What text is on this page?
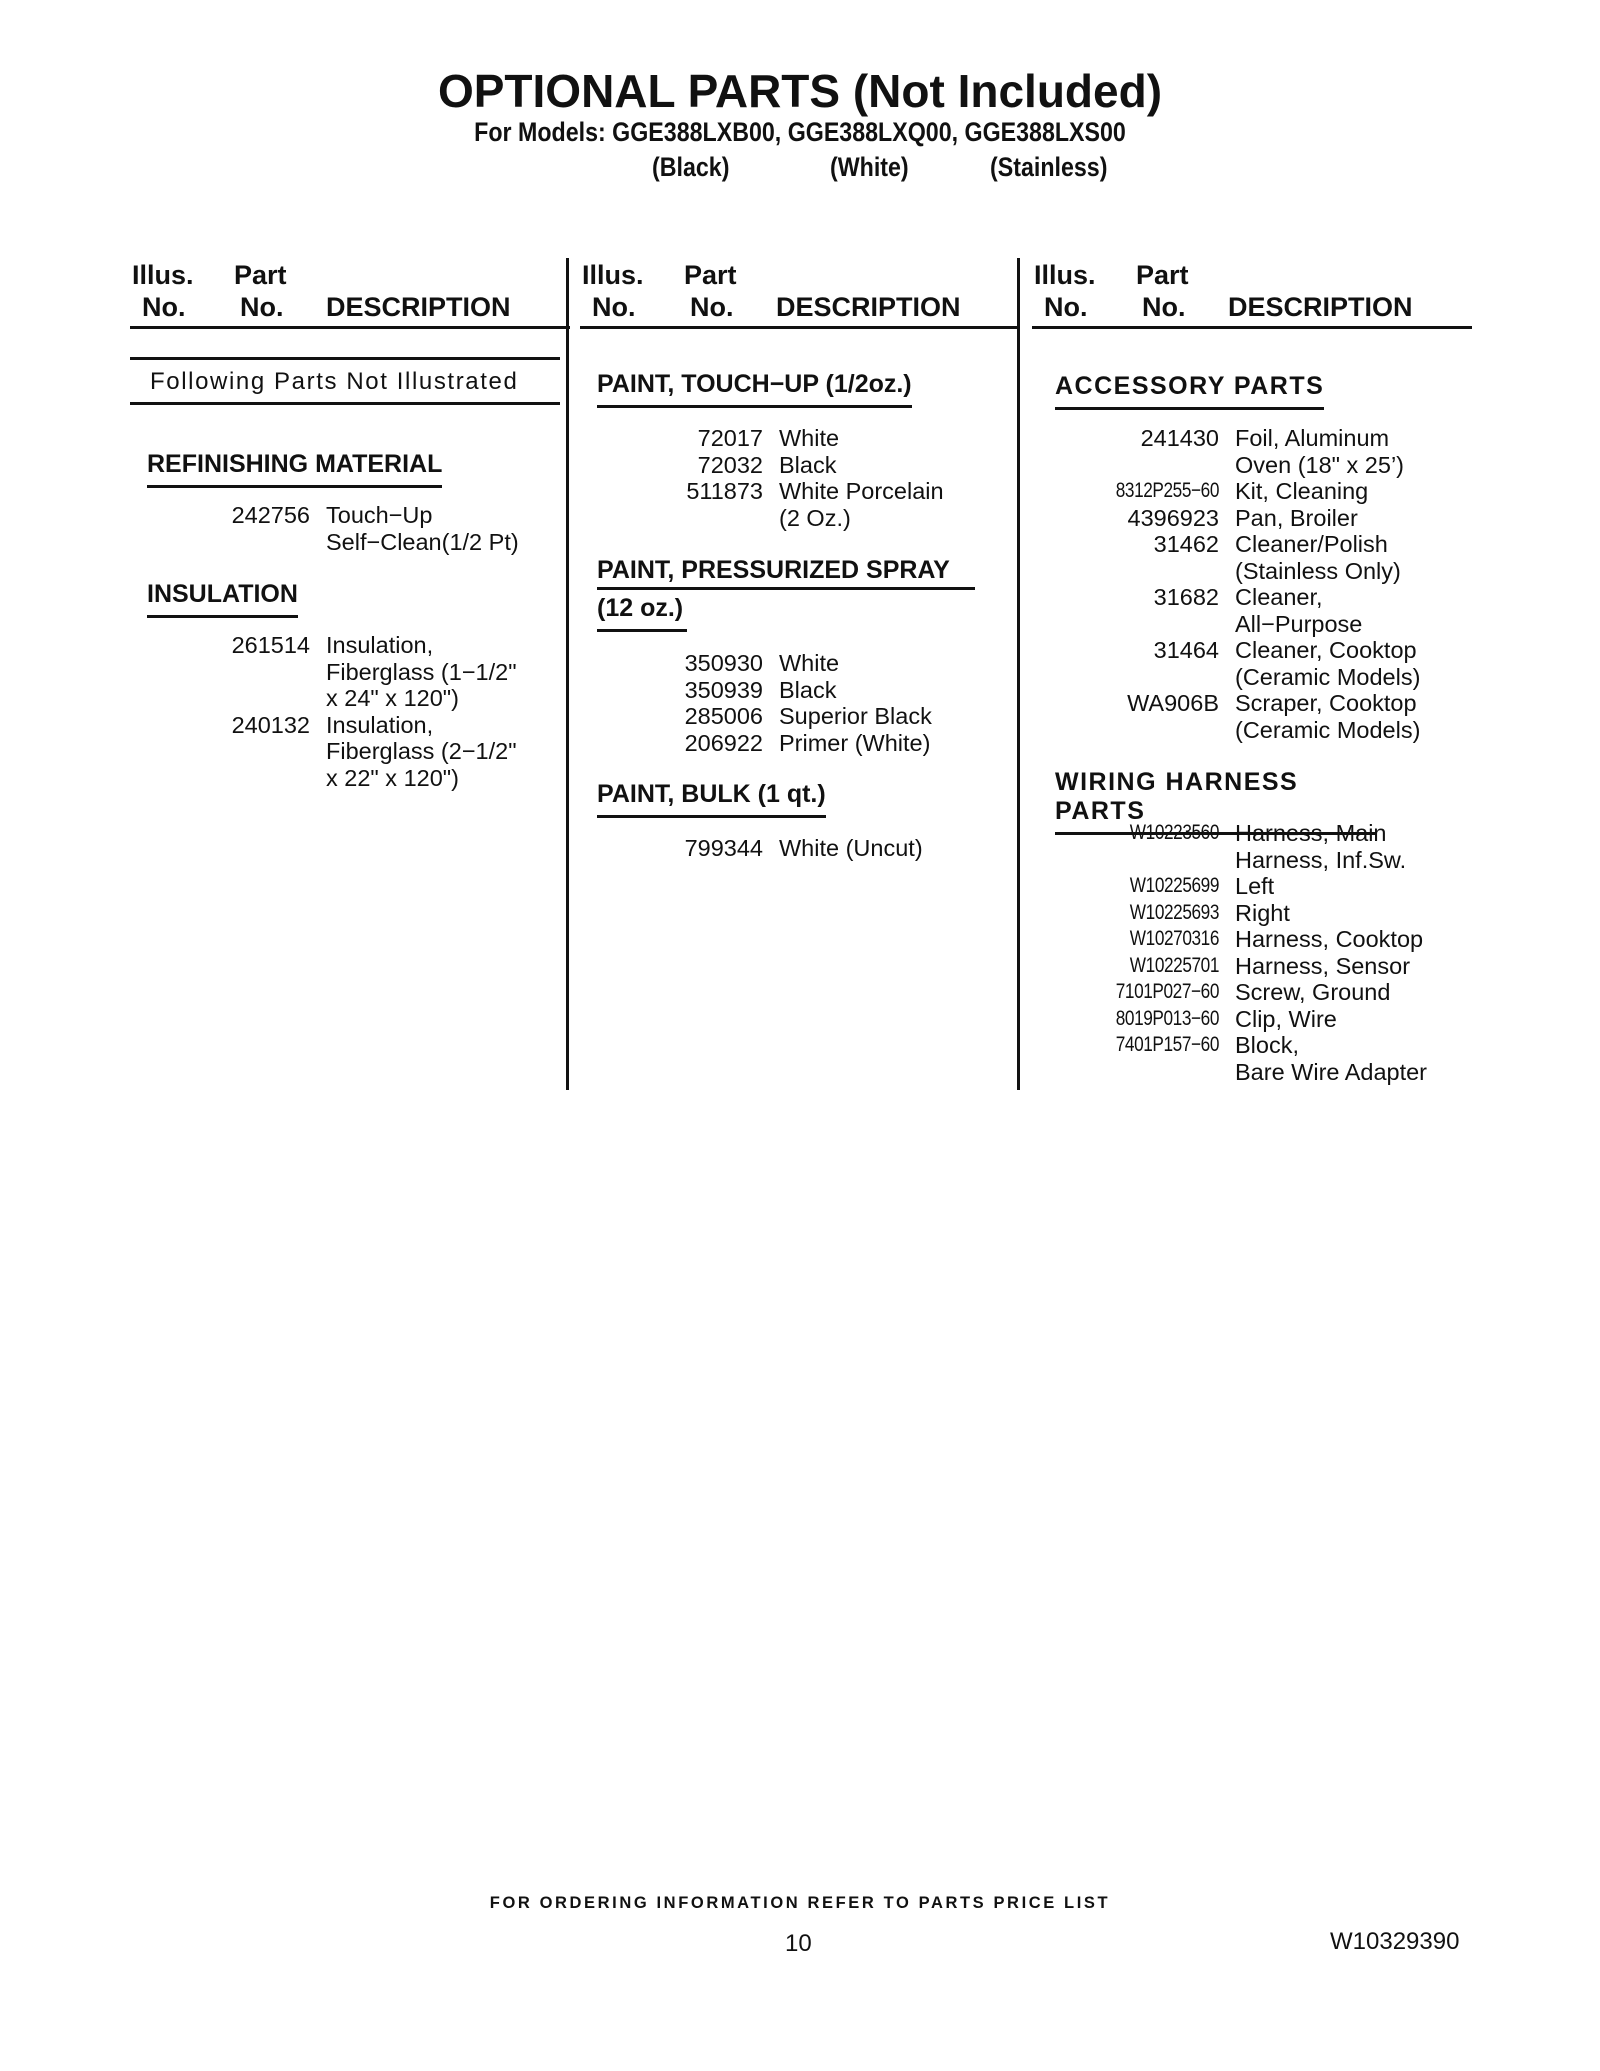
OPTIONAL PARTS (Not Included)
For Models: GGE388LXB00, GGE388LXQ00, GGE388LXS00
(Black)	(White)	(Stainless)
Illus.
No.
Part
No. DESCRIPTION
Illus.
No.
Part
No. DESCRIPTION
Illus.
No.
Part
No. DESCRIPTION
Following Parts Not Illustrated
REFINISHING MATERIAL
242756 Touch−Up
Self−Clean(1/2 Pt)
INSULATION
261514 Insulation,
Fiberglass (1−1/2"
x 24" x 120")
240132 Insulation,
Fiberglass (2−1/2"
x 22" x 120")
PAINT, TOUCH−UP (1/2oz.)
72017 White
72032 Black
511873 White Porcelain
(2 Oz.)
PAINT, PRESSURIZED SPRAY
(12 oz.)
350930 White
350939 Black
285006 Superior Black
206922 Primer (White)
PAINT, BULK (1 qt.)
799344 White (Uncut)
ACCESSORY PARTS
241430 Foil, Aluminum
Oven (18" x 25’)
8312P255−60 Kit, Cleaning
4396923 Pan, Broiler
31462 Cleaner/Polish
(Stainless Only)
31682 Cleaner,
All−Purpose
31464 Cleaner, Cooktop
(Ceramic Models)
WA906B Scraper, Cooktop
(Ceramic Models)
WIRING HARNESS PARTS
W10223560 Harness, Main
Harness, Inf.Sw.
W10225699 Left
W10225693 Right
W10270316 Harness, Cooktop
W10225701 Harness, Sensor
7101P027−60 Screw, Ground
8019P013−60 Clip, Wire
7401P157−60 Block,
Bare Wire Adapter
FOR ORDERING INFORMATION REFER TO PARTS PRICE LIST
10	W10329390
